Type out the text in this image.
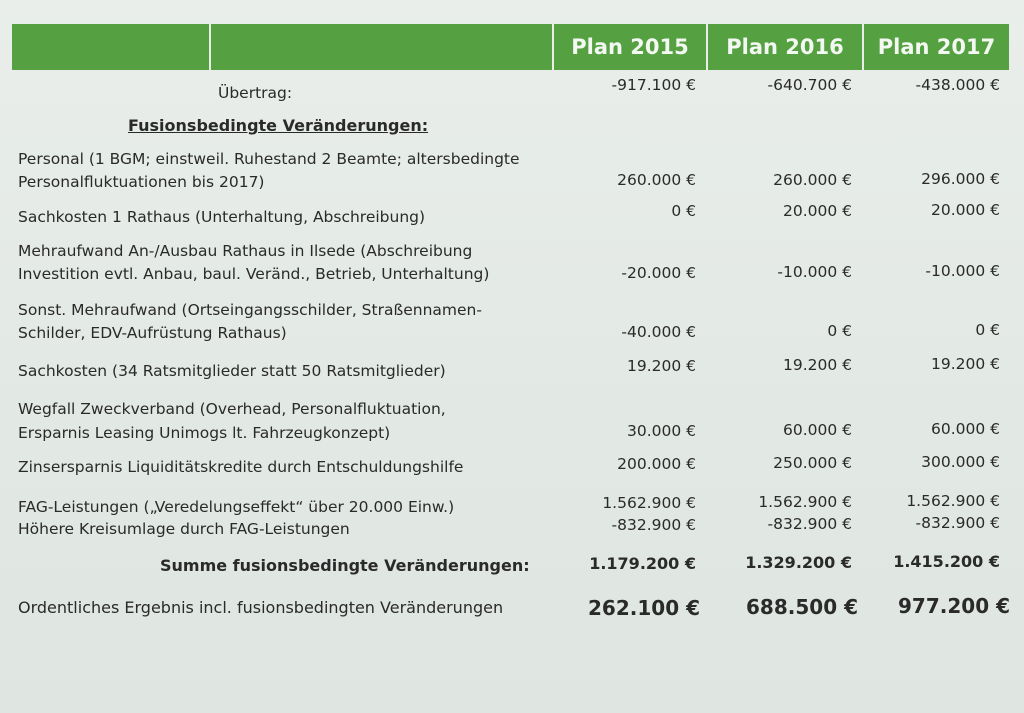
Plan 2015	Plan 2016	Plan 2017
Übertrag:	-917.100 €	-640.700 €	-438.000 €
Fusionsbedingte Veränderungen:
Personal (1 BGM; einstweil. Ruhestand 2 Beamte; altersbedingte
Personalfluktuationen bis 2017)	260.000 €	260.000 €	296.000 €
Sachkosten 1 Rathaus (Unterhaltung, Abschreibung)	0 €	20.000 €	20.000 €
Mehraufwand An-/Ausbau Rathaus in Ilsede (Abschreibung
Investition evtl. Anbau, baul. Veränd., Betrieb, Unterhaltung)	-20.000 €	-10.000 €	-10.000 €
Sonst. Mehraufwand (Ortseingangsschilder, Straßennamen-
Schilder, EDV-Aufrüstung Rathaus)	-40.000 €	0 €	0 €
Sachkosten (34 Ratsmitglieder statt 50 Ratsmitglieder)	19.200 €	19.200 €	19.200 €
Wegfall Zweckverband (Overhead, Personalfluktuation,
Ersparnis Leasing Unimogs lt. Fahrzeugkonzept)	30.000 €	60.000 €	60.000 €
Zinsersparnis Liquiditätskredite durch Entschuldungshilfe	200.000 €	250.000 €	300.000 €
FAG-Leistungen („Veredelungseffekt“ über 20.000 Einw.)	1.562.900 €	1.562.900 €	1.562.900 €
Höhere Kreisumlage durch FAG-Leistungen	-832.900 €	-832.900 €	-832.900 €
Summe fusionsbedingte Veränderungen:	1.179.200 €	1.329.200 €	1.415.200 €
Ordentliches Ergebnis incl. fusionsbedingten Veränderungen	262.100 € 688.500 € 977.200 €
